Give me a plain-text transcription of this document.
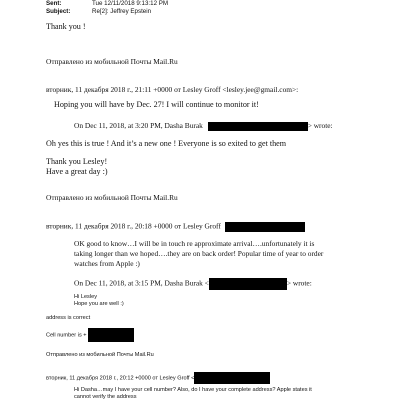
Sent:	Tue 12/11/2018 9:13:12 PM
Subject:	Re[2]: Jeffrey Epstein
Thank you !
Отправлено из мобильной Почты Mail.Ru
вторник, 11 декабря 2018 г., 21:11 +0000 от Lesley Groff <lesley.jee@gmail.com>:
Hoping you will have by Dec. 27! I will continue to monitor it!
On Dec 11, 2018, at 3:20 PM, Dasha Burak	> wrote:
Oh yes this is true ! And it’s a new one ! Everyone is so exited to get them
Thank you Lesley!
Have a great day :)
Отправлено из мобильной Почты Mail.Ru
вторник, 11 декабря 2018 г., 20:18 +0000 от Lesley Groff
OK good to know…I will be in touch re approximate arrival….unfortunately it is
taking longer than we hoped….they are on back order! Popular time of year to order
watches from Apple :)
On Dec 11, 2018, at 3:15 PM, Dasha Burak <	> wrote:
Hi Lesley
Hope you are well :)
address is correct
Cell number is +
Отправлено из мобильной Почты Mail.Ru
вторник, 11 декабря 2018 г., 20:12 +0000 от Lesley Groff <
Hi Dasha…may I have your cell number? Also, do I have your complete address? Apple states it
cannot verify the address
